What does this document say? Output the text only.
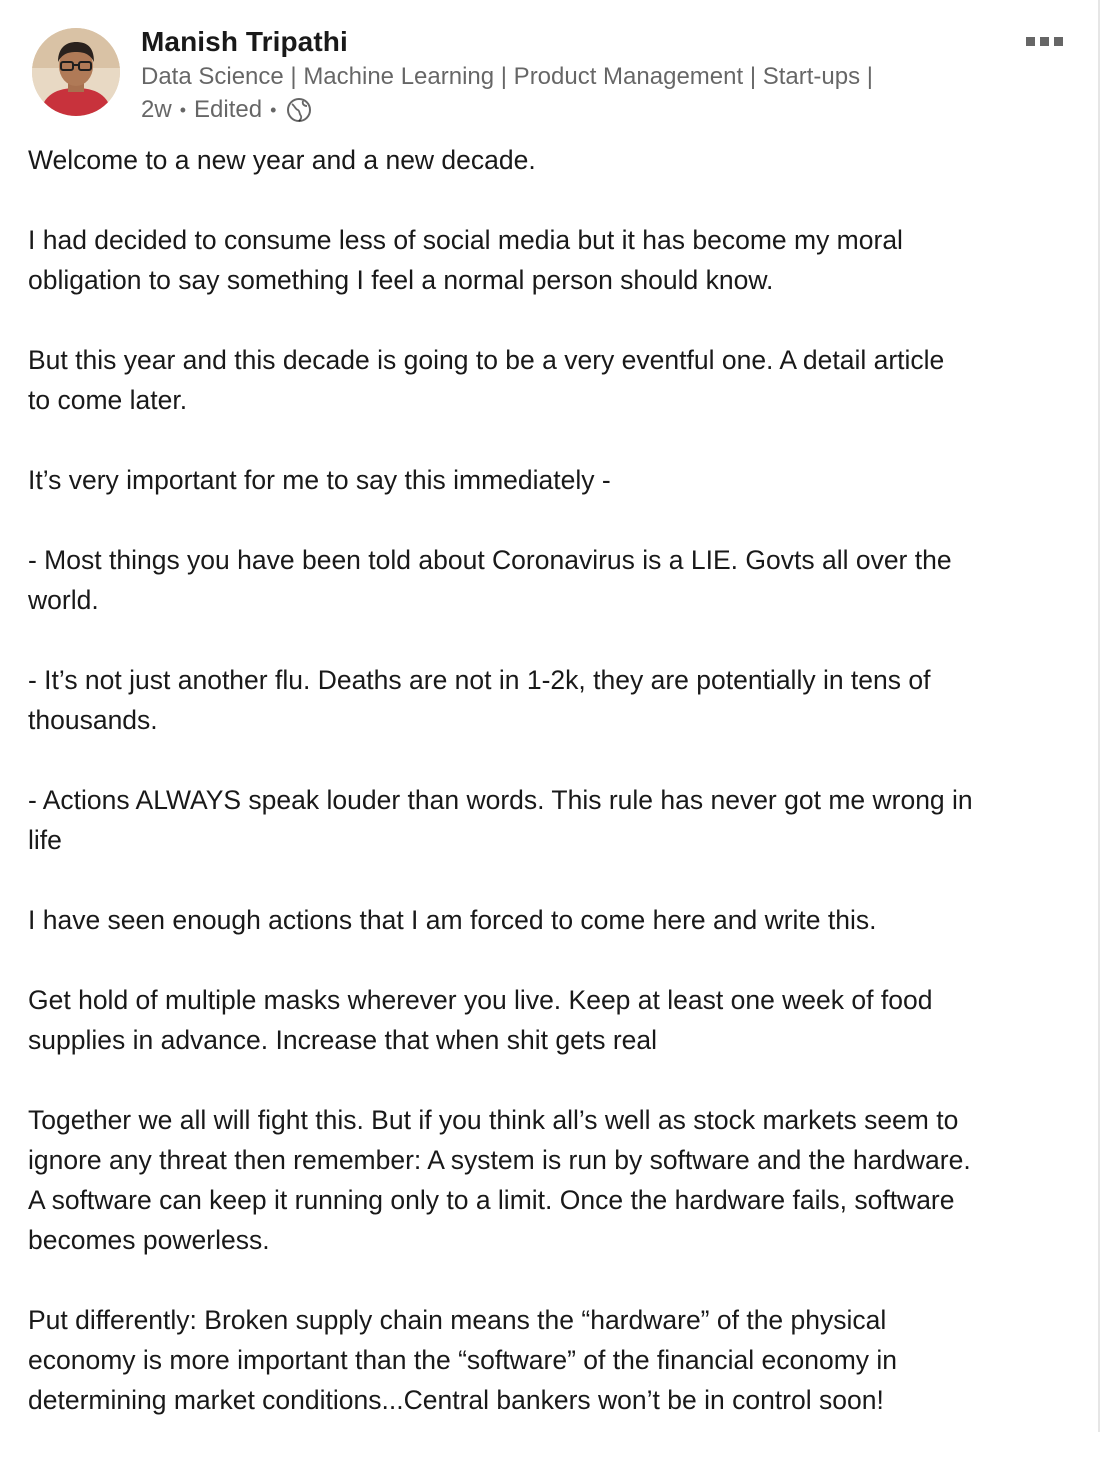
Manish Tripathi
Data Science | Machine Learning | Product Management | Start-ups |
2w • Edited •

Welcome to a new year and a new decade.

I had decided to consume less of social media but it has become my moral
obligation to say something I feel a normal person should know.

But this year and this decade is going to be a very eventful one. A detail article
to come later.

It’s very important for me to say this immediately -

- Most things you have been told about Coronavirus is a LIE. Govts all over the
world.

- It’s not just another flu. Deaths are not in 1-2k, they are potentially in tens of
thousands.

- Actions ALWAYS speak louder than words. This rule has never got me wrong in
life

I have seen enough actions that I am forced to come here and write this.

Get hold of multiple masks wherever you live. Keep at least one week of food
supplies in advance. Increase that when shit gets real

Together we all will fight this. But if you think all’s well as stock markets seem to
ignore any threat then remember: A system is run by software and the hardware.
A software can keep it running only to a limit. Once the hardware fails, software
becomes powerless.

Put differently: Broken supply chain means the “hardware” of the physical
economy is more important than the “software” of the financial economy in
determining market conditions...Central bankers won’t be in control soon!
